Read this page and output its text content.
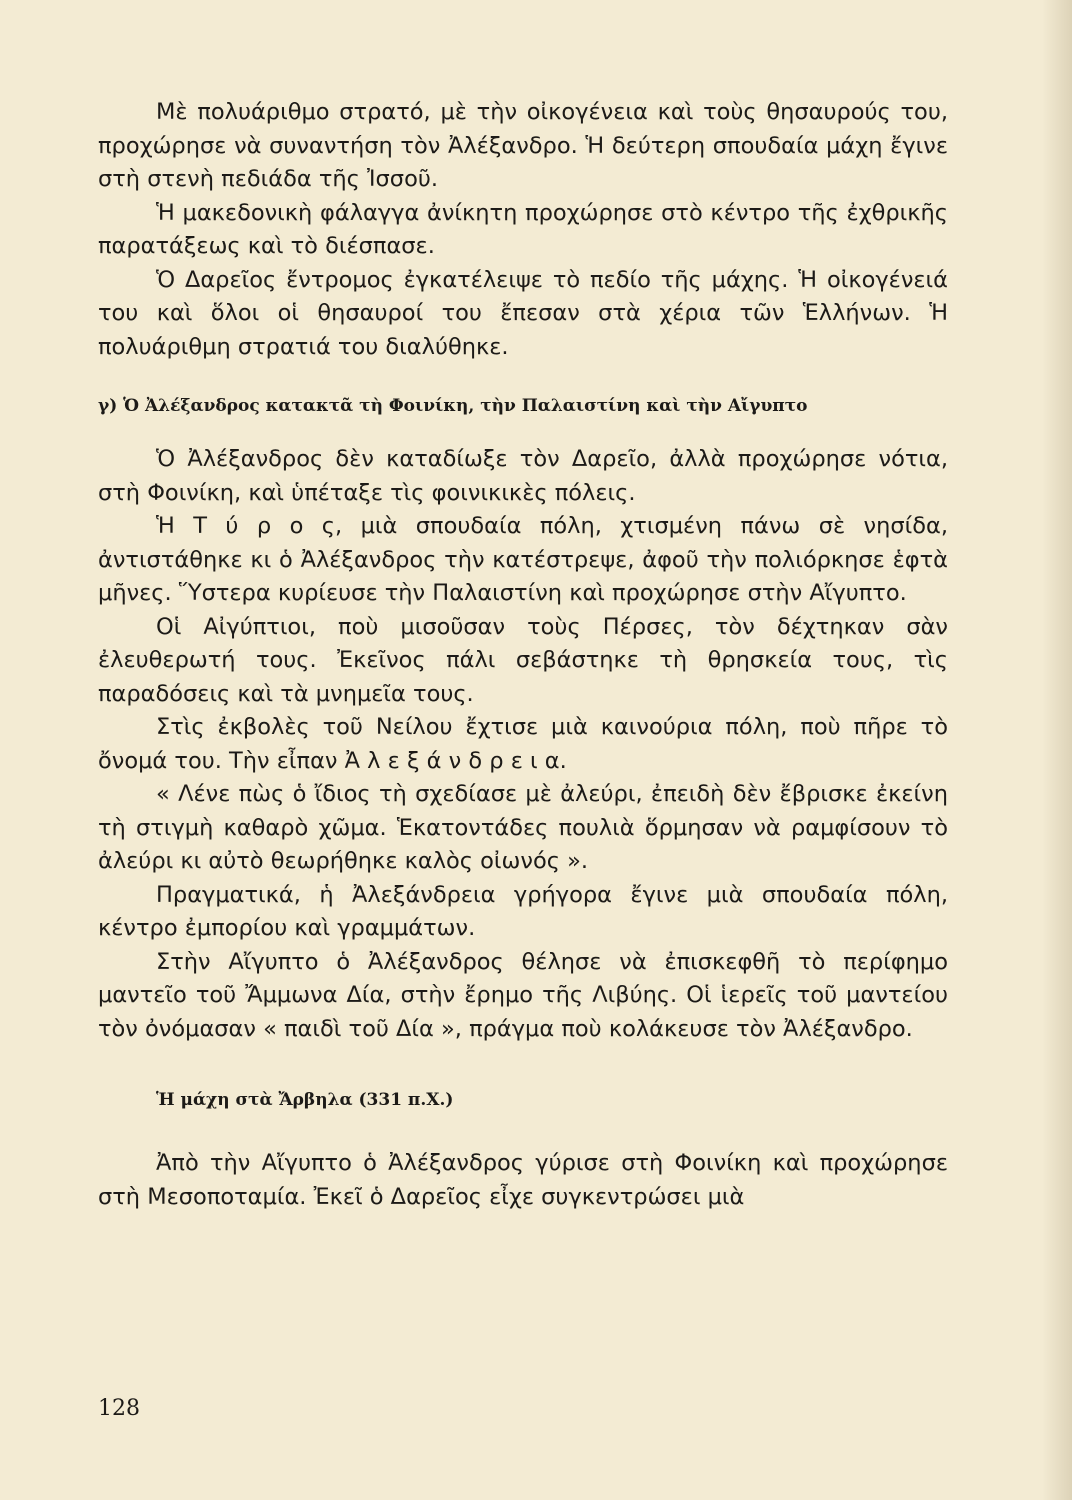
Μὲ πολυάριθμο στρατό, μὲ τὴν οἰκογένεια καὶ τοὺς θησαυρούς του, προχώρησε νὰ συναντήση τὸν Ἀλέξανδρο. Ἡ δεύτερη σπουδαία μάχη ἔγινε στὴ στενὴ πεδιάδα τῆς Ἰσσοῦ.

Ἡ μακεδονικὴ φάλαγγα ἀνίκητη προχώρησε στὸ κέντρο τῆς ἐχθρικῆς παρατάξεως καὶ τὸ διέσπασε.

Ὁ Δαρεῖος ἔντρομος ἐγκατέλειψε τὸ πεδίο τῆς μάχης. Ἡ οἰκογένειά του καὶ ὅλοι οἱ θησαυροί του ἔπεσαν στὰ χέρια τῶν Ἑλλήνων. Ἡ πολυάριθμη στρατιά του διαλύθηκε.

γ) Ὁ Ἀλέξανδρος κατακτᾶ τὴ Φοινίκη, τὴν Παλαιστίνη καὶ τὴν Αἴγυπτο

Ὁ Ἀλέξανδρος δὲν καταδίωξε τὸν Δαρεῖο, ἀλλὰ προχώρησε νότια, στὴ Φοινίκη, καὶ ὑπέταξε τὶς φοινικικὲς πόλεις.

Ἡ Τ ύ ρ ο ς, μιὰ σπουδαία πόλη, χτισμένη πάνω σὲ νησίδα, ἀντιστάθηκε κι ὁ Ἀλέξανδρος τὴν κατέστρεψε, ἀφοῦ τὴν πολιόρκησε ἑφτὰ μῆνες. Ὕστερα κυρίευσε τὴν Παλαιστίνη καὶ προχώρησε στὴν Αἴγυπτο.

Οἱ Αἰγύπτιοι, ποὺ μισοῦσαν τοὺς Πέρσες, τὸν δέχτηκαν σὰν ἐλευθερωτή τους. Ἐκεῖνος πάλι σεβάστηκε τὴ θρησκεία τους, τὶς παραδόσεις καὶ τὰ μνημεῖα τους.

Στὶς ἐκβολὲς τοῦ Νείλου ἔχτισε μιὰ καινούρια πόλη, ποὺ πῆρε τὸ ὄνομά του. Τὴν εἶπαν Ἀ λ ε ξ ά ν δ ρ ε ι α.

« Λένε πὼς ὁ ἴδιος τὴ σχεδίασε μὲ ἀλεύρι, ἐπειδὴ δὲν ἔβρισκε ἐκείνη τὴ στιγμὴ καθαρὸ χῶμα. Ἑκατοντάδες πουλιὰ ὅρμησαν νὰ ραμφίσουν τὸ ἀλεύρι κι αὐτὸ θεωρήθηκε καλὸς οἰωνός ».

Πραγματικά, ἡ Ἀλεξάνδρεια γρήγορα ἔγινε μιὰ σπουδαία πόλη, κέντρο ἐμπορίου καὶ γραμμάτων.

Στὴν Αἴγυπτο ὁ Ἀλέξανδρος θέλησε νὰ ἐπισκεφθῆ τὸ περίφημο μαντεῖο τοῦ Ἄμμωνα Δία, στὴν ἔρημο τῆς Λιβύης. Οἱ ἱερεῖς τοῦ μαντείου τὸν ὀνόμασαν « παιδὶ τοῦ Δία », πράγμα ποὺ κολάκευσε τὸν Ἀλέξανδρο.

Ἡ μάχη στὰ Ἄρβηλα (331 π.Χ.)

Ἀπὸ τὴν Αἴγυπτο ὁ Ἀλέξανδρος γύρισε στὴ Φοινίκη καὶ προχώρησε στὴ Μεσοποταμία. Ἐκεῖ ὁ Δαρεῖος εἶχε συγκεντρώσει μιὰ

128
